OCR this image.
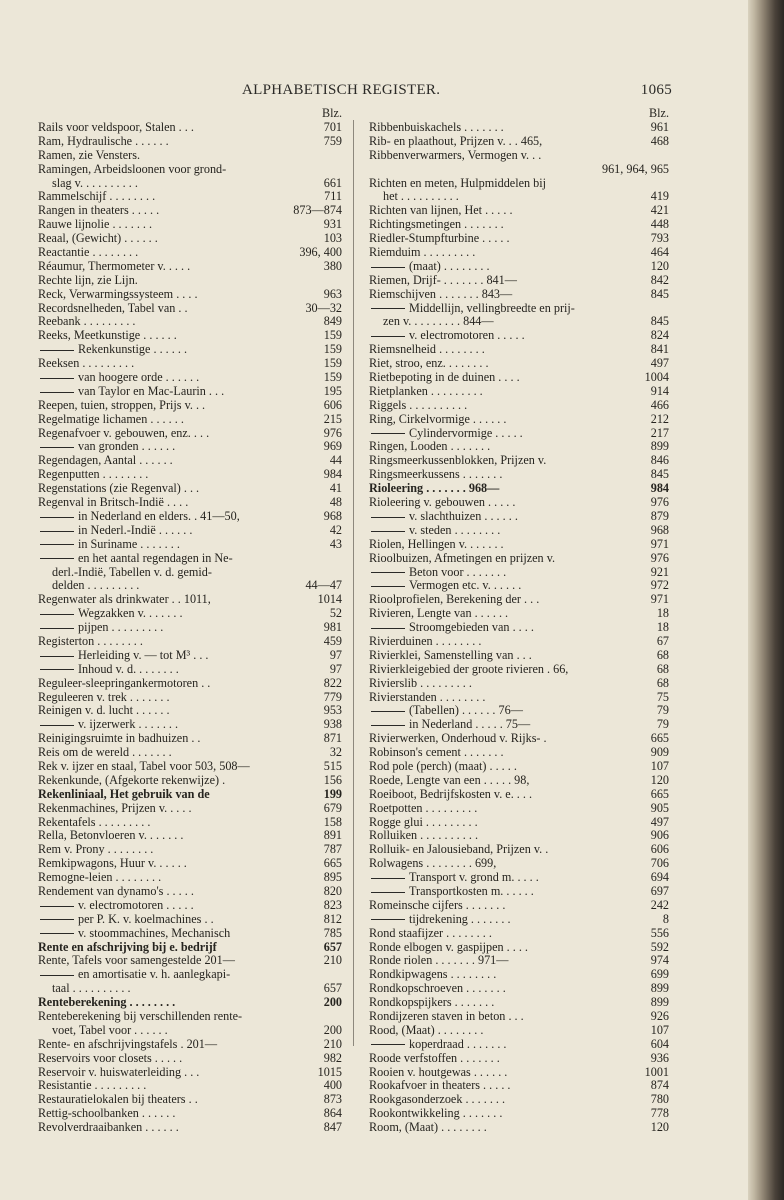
ALPHABETISCH REGISTER.	1065
Blz.
Rails voor veldspoor, Stalen . . .	701
Ram, Hydraulische . . . . . .	759
Ramen, zie Vensters.
Ramingen, Arbeidsloonen voor grond-
slag v. . . . . . . . . .	661
Rammelschijf . . . . . . . .	711
Rangen in theaters . . . . .	873—874
Rauwe lijnolie . . . . . . .	931
Reaal, (Gewicht) . . . . . .	103
Reactantie . . . . . . . .	396, 400
Réaumur, Thermometer v. . . . .	380
Rechte lijn, zie Lijn.
Reck, Verwarmingssysteem . . . .	963
Recordsnelheden, Tabel van . .	30—32
Reebank . . . . . . . . .	849
Reeks, Meetkunstige . . . . . .	159
Rekenkunstige . . . . . .	159
Reeksen . . . . . . . . .	159
van hoogere orde . . . . . .	159
van Taylor en Mac-Laurin . . .	195
Reepen, tuien, stroppen, Prijs v. . .	606
Regelmatige lichamen . . . . . .	215
Regenafvoer v. gebouwen, enz. . . .	976
van gronden . . . . . .	969
Regendagen, Aantal . . . . . .	44
Regenputten . . . . . . . .	984
Regenstations (zie Regenval) . . .	41
Regenval in Britsch-Indië . . . .	48
in Nederland en elders. . 41—50,	968
in Nederl.-Indië . . . . . .	42
in Suriname . . . . . . .	43
en het aantal regendagen in Ne-
derl.-Indië, Tabellen v. d. gemid-
delden . . . . . . . . .	44—47
Regenwater als drinkwater . . 1011,	1014
Wegzakken v. . . . . . .	52
pijpen . . . . . . . . .	981
Registerton . . . . . . . .	459
Herleiding v. — tot M³ . . .	97
Inhoud v. d. . . . . . . .	97
Reguleer-sleepringankermotoren . .	822
Reguleeren v. trek . . . . . . .	779
Reinigen v. d. lucht . . . . . .	953
v. ijzerwerk . . . . . . .	938
Reinigingsruimte in badhuizen . .	871
Reis om de wereld . . . . . . .	32
Rek v. ijzer en staal, Tabel voor 503, 508—	515
Rekenkunde, (Afgekorte rekenwijze) .	156
Rekenliniaal, Het gebruik van de	199
Rekenmachines, Prijzen v. . . . .	679
Rekentafels . . . . . . . . .	158
Rella, Betonvloeren v. . . . . . .	891
Rem v. Prony . . . . . . . .	787
Remkipwagons, Huur v. . . . . .	665
Remogne-leien . . . . . . . .	895
Rendement van dynamo's . . . . .	820
v. electromotoren . . . . .	823
per P. K. v. koelmachines . .	812
v. stoommachines, Mechanisch	785
Rente en afschrijving bij e. bedrijf	657
Rente, Tafels voor samengestelde 201—	210
en amortisatie v. h. aanlegkapi-
taal . . . . . . . . . .	657
Renteberekening . . . . . . . .	200
Renteberekening bij verschillenden rente-
voet, Tabel voor . . . . . .	200
Rente- en afschrijvingstafels . 201—	210
Reservoirs voor closets . . . . .	982
Reservoir v. huiswaterleiding . . .	1015
Resistantie . . . . . . . . .	400
Restauratielokalen bij theaters . .	873
Rettig-schoolbanken . . . . . .	864
Revolverdraaibanken . . . . . .	847
Blz.
Ribbenbuiskachels . . . . . . .	961
Rib- en plaathout, Prijzen v. . . 465,	468
Ribbenverwarmers, Vermogen v. . .
961, 964, 965
Richten en meten, Hulpmiddelen bij
het . . . . . . . . . .	419
Richten van lijnen, Het . . . . .	421
Richtingsmetingen . . . . . . .	448
Riedler-Stumpfturbine . . . . .	793
Riemduim . . . . . . . . .	464
(maat) . . . . . . . .	120
Riemen, Drijf- . . . . . . . 841—	842
Riemschijven . . . . . . . 843—	845
Middellijn, vellingbreedte en prij-
zen v. . . . . . . . . 844—	845
v. electromotoren . . . . .	824
Riemsnelheid . . . . . . . .	841
Riet, stroo, enz. . . . . . . .	497
Rietbepoting in de duinen . . . .	1004
Rietplanken . . . . . . . . .	914
Riggels . . . . . . . . . .	466
Ring, Cirkelvormige . . . . . .	212
Cylindervormige . . . . .	217
Ringen, Looden . . . . . . .	899
Ringsmeerkussenblokken, Prijzen v.	846
Ringsmeerkussens . . . . . . .	845
Rioleering . . . . . . . 968—	984
Rioleering v. gebouwen . . . . .	976
v. slachthuizen . . . . . .	879
v. steden . . . . . . . .	968
Riolen, Hellingen v. . . . . . .	971
Rioolbuizen, Afmetingen en prijzen v.	976
Beton voor . . . . . . .	921
Vermogen etc. v. . . . . .	972
Rioolprofielen, Berekening der . . .	971
Rivieren, Lengte van . . . . . .	18
Stroomgebieden van . . . .	18
Rivierduinen . . . . . . . .	67
Rivierklei, Samenstelling van . . .	68
Rivierkleigebied der groote rivieren . 66,	68
Rivierslib . . . . . . . . .	68
Rivierstanden . . . . . . . .	75
(Tabellen) . . . . . . 76—	79
in Nederland . . . . . 75—	79
Rivierwerken, Onderhoud v. Rijks- .	665
Robinson's cement . . . . . . .	909
Rod pole (perch) (maat) . . . . .	107
Roede, Lengte van een . . . . . 98,	120
Roeiboot, Bedrijfskosten v. e. . . .	665
Roetpotten . . . . . . . . .	905
Rogge glui . . . . . . . . .	497
Rolluiken . . . . . . . . . .	906
Rolluik- en Jalousieband, Prijzen v. .	606
Rolwagens . . . . . . . . 699,	706
Transport v. grond m. . . . .	694
Transportkosten m. . . . . .	697
Romeinsche cijfers . . . . . . .	242
tijdrekening . . . . . . .	8
Rond staafijzer . . . . . . . .	556
Ronde elbogen v. gaspijpen . . . .	592
Ronde riolen . . . . . . . 971—	974
Rondkipwagens . . . . . . . .	699
Rondkopschroeven . . . . . . .	899
Rondkopspijkers . . . . . . .	899
Rondijzeren staven in beton . . .	926
Rood, (Maat) . . . . . . . .	107
koperdraad . . . . . . .	604
Roode verfstoffen . . . . . . .	936
Rooien v. houtgewas . . . . . .	1001
Rookafvoer in theaters . . . . .	874
Rookgasonderzoek . . . . . . .	780
Rookontwikkeling . . . . . . .	778
Room, (Maat) . . . . . . . .	120
